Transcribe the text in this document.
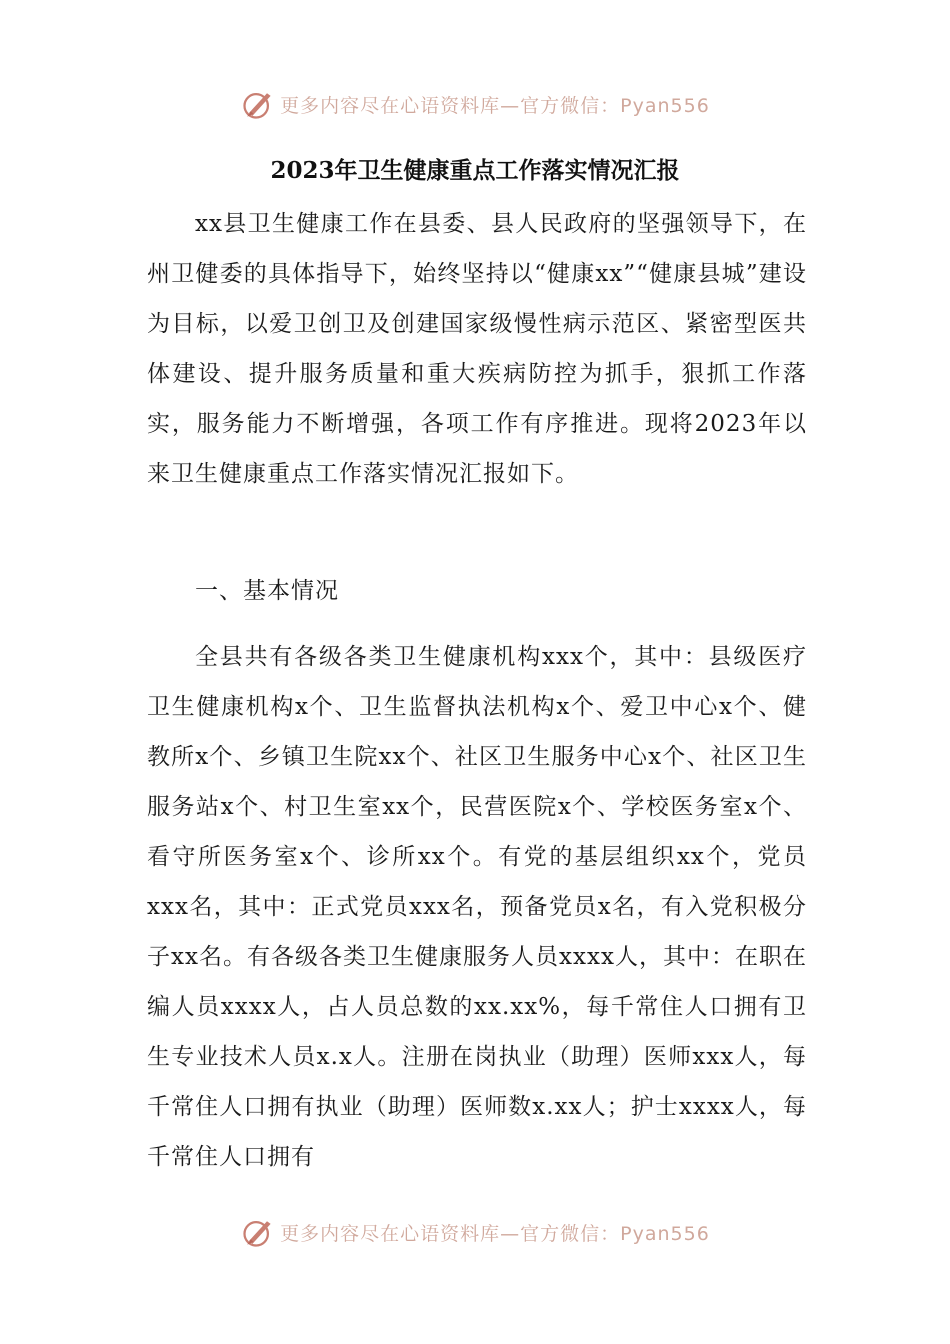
更多内容尽在心语资料库—官方微信：Pyan556
2023年卫生健康重点工作落实情况汇报

xx县卫生健康工作在县委、县人民政府的坚强领导下，在州卫健委的具体指导下，始终坚持以“健康xx”“健康县城”建设为目标，以爱卫创卫及创建国家级慢性病示范区、紧密型医共体建设、提升服务质量和重大疾病防控为抓手，狠抓工作落实，服务能力不断增强，各项工作有序推进。现将2023年以来卫生健康重点工作落实情况汇报如下。

一、基本情况

全县共有各级各类卫生健康机构xxx个，其中：县级医疗卫生健康机构x个、卫生监督执法机构x个、爱卫中心x个、健教所x个、乡镇卫生院xx个、社区卫生服务中心x个、社区卫生服务站x个、村卫生室xx个，民营医院x个、学校医务室x个、看守所医务室x个、诊所xx个。有党的基层组织xx个，党员xxx名，其中：正式党员xxx名，预备党员x名，有入党积极分子xx名。有各级各类卫生健康服务人员xxxx人，其中：在职在编人员xxxx人，占人员总数的xx.xx%，每千常住人口拥有卫生专业技术人员x.x人。注册在岗执业（助理）医师xxx人，每千常住人口拥有执业（助理）医师数x.xx人；护士xxxx人，每千常住人口拥有

更多内容尽在心语资料库—官方微信：Pyan556
